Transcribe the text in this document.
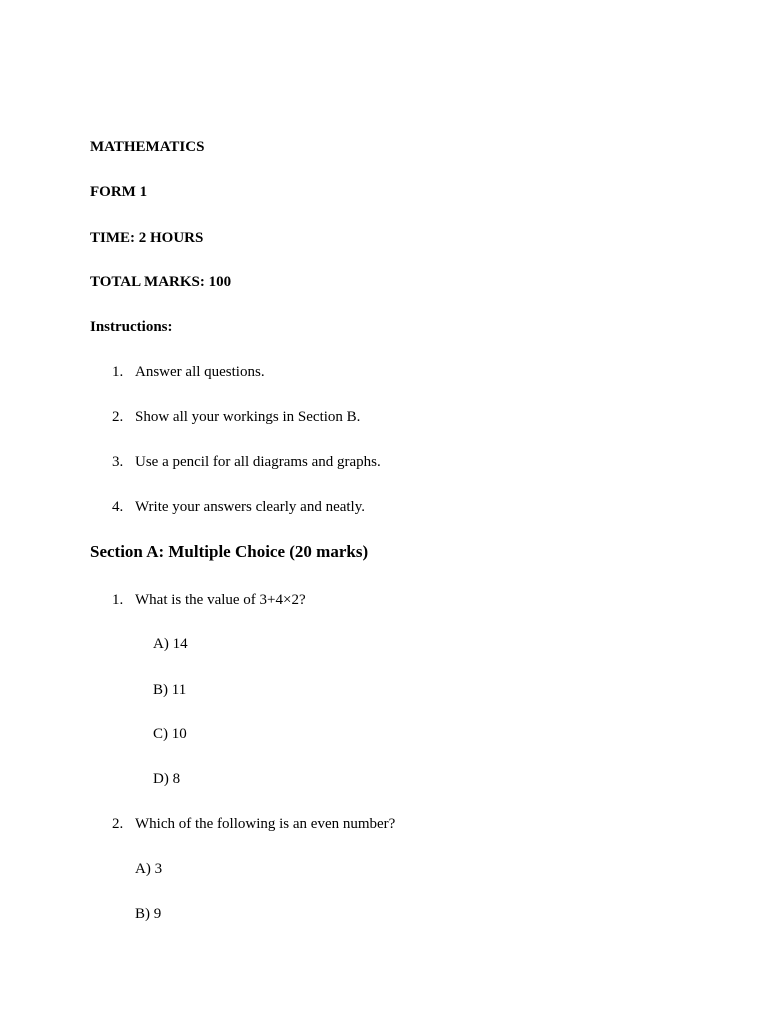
MATHEMATICS
FORM 1
TIME: 2 HOURS
TOTAL MARKS: 100
Instructions:
1. Answer all questions.
2. Show all your workings in Section B.
3. Use a pencil for all diagrams and graphs.
4. Write your answers clearly and neatly.
Section A: Multiple Choice (20 marks)
1. What is the value of 3+4×2?
A) 14
B) 11
C) 10
D) 8
2. Which of the following is an even number?
A) 3
B) 9
